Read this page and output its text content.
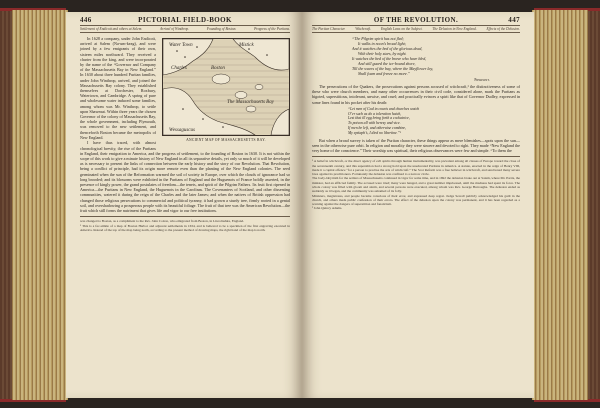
446	PICTORIAL FIELD-BOOK
Settlement of Endicott and others at Salem.	Arrival of Winthrop.	Founding of Boston.	Progress of the Puritans.
Water Town
Charles
Mistick
Boston
Wessaguscus
The Massachusetts Bay
ANCIENT MAP OF MASSACHUSETTS BAY.

In 1628 a company, under John Endicott, arrived at Salem (Na-um-keag), and were joined by a few emigrants of their own, sixteen miles northward. They received a charter from the king, and were incorporated by the name of the “Governor and Company of the Massachusetts Bay in New England.” In 1630 about three hundred Puritan families, under John Winthrop, arrived, and joined the Massachusetts Bay colony. They established themselves at Dorchester, Roxbury, Watertown, and Cambridge. A spring of pure and wholesome water induced some families, among whom was Mr. Winthrop, to settle upon Shawmut. Within three years the chosen Governor of the colony of Massachusetts Bay, the whole government, including Plymouth, was removed to the new settlement, and thenceforth Boston became the metropolis of New England.

I have thus traced, with almost chronological brevity, the rise of the Puritans in England, their emigration to America, and the progress of settlement, to the founding of Boston in 1630. It is not within the scope of this work to give a minute history of New England in all its separative details, yet only so much of it will be developed as is necessary to present the links of connection between the early history and the story of our Revolution. That Revolution, being a conflict of principle, had its origin more remote even than the planting of the New England colonies. The seed germinated when the sun of the Reformation warmed the soil of society in Europe, over which the clouds of ignorance had so long brooded; and its blossoms were exhibited in the Puritans of England and the Huguenots of France boldly asserted, in the presence of kingly power, the grand postulates of freedom—the tenets, and spirit of the Pilgrim Fathers. Its fruit first ripened in America—the Puritans in New England, the Huguenots in the Carolinas. The Covenanters of Scotland, and other dissenting communities, watered it during the reign of the Charles and the later James; and when the natives of British oppression had changed those religious persecutions to commercial and political tyranny, it had grown a sturdy tree, firmly rooted in a genial soil, and overshadowing a prosperous people with its beautiful foliage. The fruit of that tree was the American Revolution—the fruit which still forms the nutriment that gives life and vigor to our free institutions.

was changed to Boston, as a compliment to the Rev. John Cotton, who emigrated from Boston, in Lincolnshire, England.
¹ This is a fac-simile of a map of Boston Harbor and adjacent settlements in 1634, and is believed to be a specimen of the first engraving executed in America. Instead of the top of the map being north, according to the present method of drawing maps, the right hand of the map is north.
OF THE REVOLUTION.	447
The Puritan Character.	Witchcraft.	English Laws on the Subject.	The Delusion in New England.	Effects of the Delusion.
“The Pilgrim spirit has not fled;
It walks in noon’s broad light;
And it watches the bed of the glorious dead,
With their holy stars, by night.
It watches the bed of the brave who have bled,
And still guard the ice-bound shore,
Till the waves of the bay, where the Mayflower lay,
Shall foam and freeze no more.”
Pierpont.

The persecutions of the Quakers, the prosecutions against persons accused of witchcraft,¹ the distinctiveness of some of these who were church members, and many other occurrences in their civil code, considered alone, mark the Puritans as bigoted, superstitious, intolerant, unwise, and cruel; and practically evinces a spirit like that of Governor Dudley, expressed in some lines found in his pocket after his death:

“Let men of God in courts and churches watch
O’er such as do a toleration hatch,
Lest that ill egg bring forth a cockatrice,
To poison all with heresy and vice.
If men be left, and otherwise combine,
My epitaph’s, I died no libertine.”²

But when a broad survey is taken of the Puritan character, these things appear as mere blemishes—spots upon the sun—seen in the otherwise pure orbit. In religion and morality they were sincere and devoted to right. They made “New England the very home of the conscience.” Their worship was spiritual, their religious observances were few and simple. “To them the

¹ A belief in witchcraft, or the direct agency of evil spirits through human instrumentality, was prevalent among all classes of Europe toward the close of the seventeenth century, and this superstition had a strong hold upon the uneducated Puritans in America. A statute, enacted in the reign of Henry VIII, made it a capital offence “for a person to practise the arts of witchcraft.” The Scot Reform was a free believer in witchcraft, and sanctioned many severe laws against its practitioners. Fortunately the delusion was confined to a narrow circle.
The body-labyrinth for the settlers of Massachusetts continued in vigor for some time, and in 1692 the delusion broke out at Salem, where Mr. Parris, the minister, had an afflicted family. The accused were tried; many were hanged, and a great number imprisoned, until the madness had spent its force. The whole colony was filled with gloom and alarm, and several persons were executed, among whom was Rev. George Burroughs. The delusion ended as suddenly as it began, and the community was ashamed of its folly.
Ministers, magistrates, and people became conscious of their error, and expressed deep regret. Judge Sewall publicly acknowledged his guilt in the church, and others made public confession of their errors. The effect of the delusion upon the colony was permanent, and it has been regarded as a warning against the dangers of superstition and fanaticism.
² John Quincy Adams.
